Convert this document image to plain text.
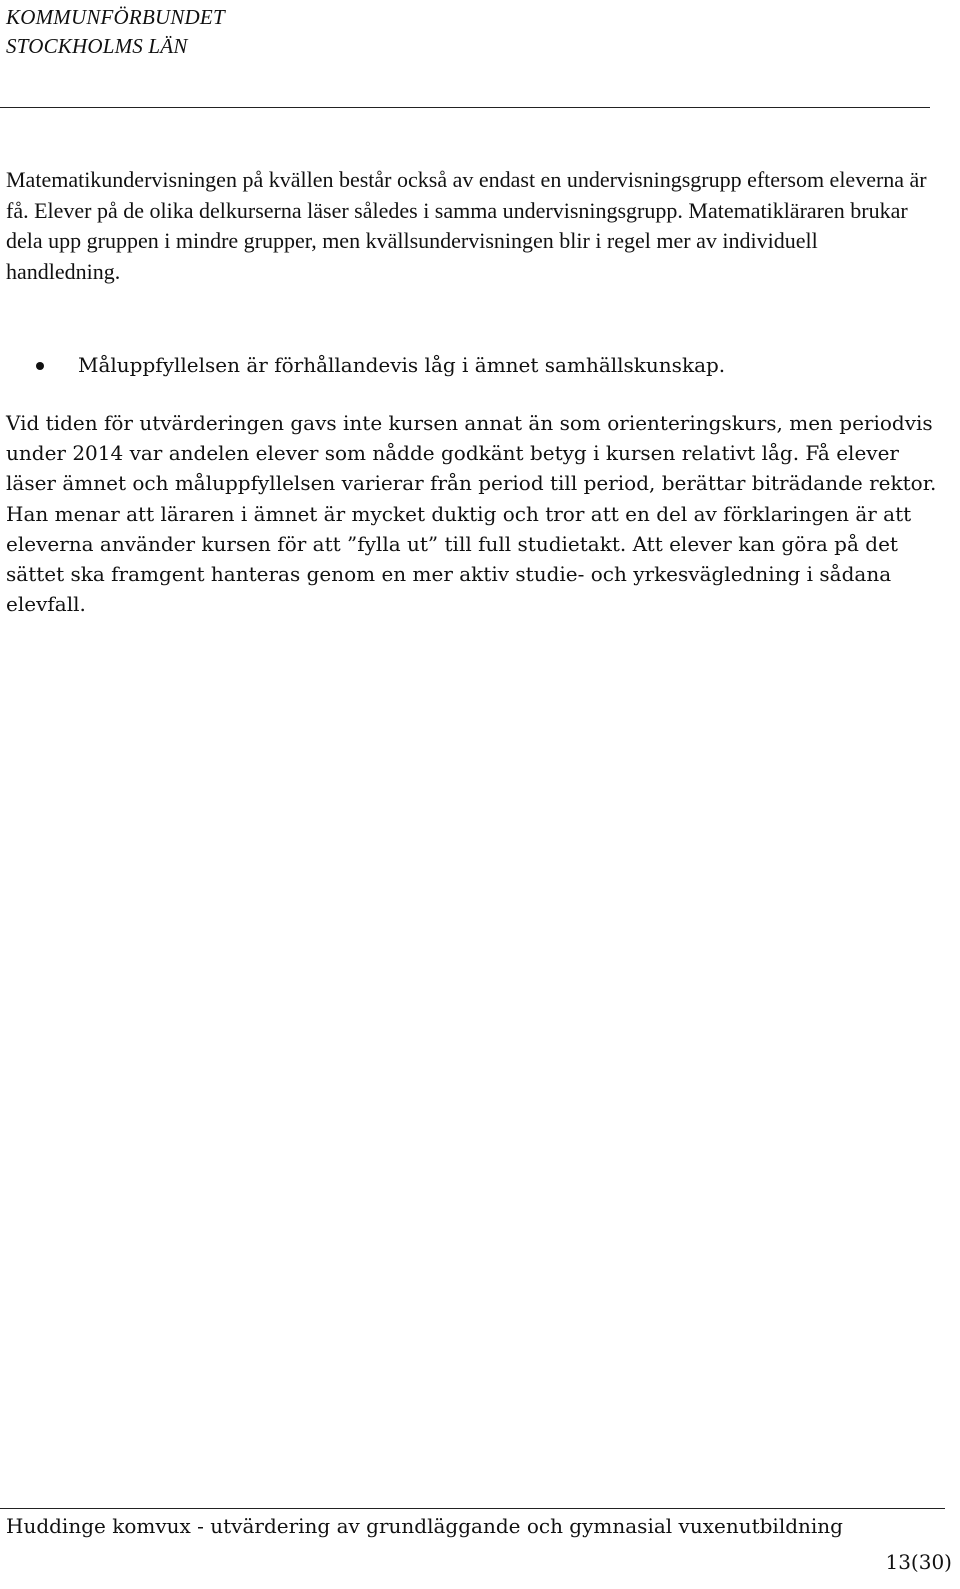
KOMMUNFÖRBUNDET
STOCKHOLMS LÄN

Matematikundervisningen på kvällen består också av endast en undervisningsgrupp eftersom eleverna är få. Elever på de olika delkurserna läser således i samma undervisningsgrupp. Matematikläraren brukar dela upp gruppen i mindre grupper, men kvällsundervisningen blir i regel mer av individuell handledning.

Måluppfyllelsen är förhållandevis låg i ämnet samhällskunskap.

Vid tiden för utvärderingen gavs inte kursen annat än som orienteringskurs, men periodvis under 2014 var andelen elever som nådde godkänt betyg i kursen relativt låg. Få elever läser ämnet och måluppfyllelsen varierar från period till period, berättar biträdande rektor. Han menar att läraren i ämnet är mycket duktig och tror att en del av förklaringen är att eleverna använder kursen för att ”fylla ut” till full studietakt. Att elever kan göra på det sättet ska framgent hanteras genom en mer aktiv studie- och yrkesvägledning i sådana elevfall.

Huddinge komvux - utvärdering av grundläggande och gymnasial vuxenutbildning
13(30)
